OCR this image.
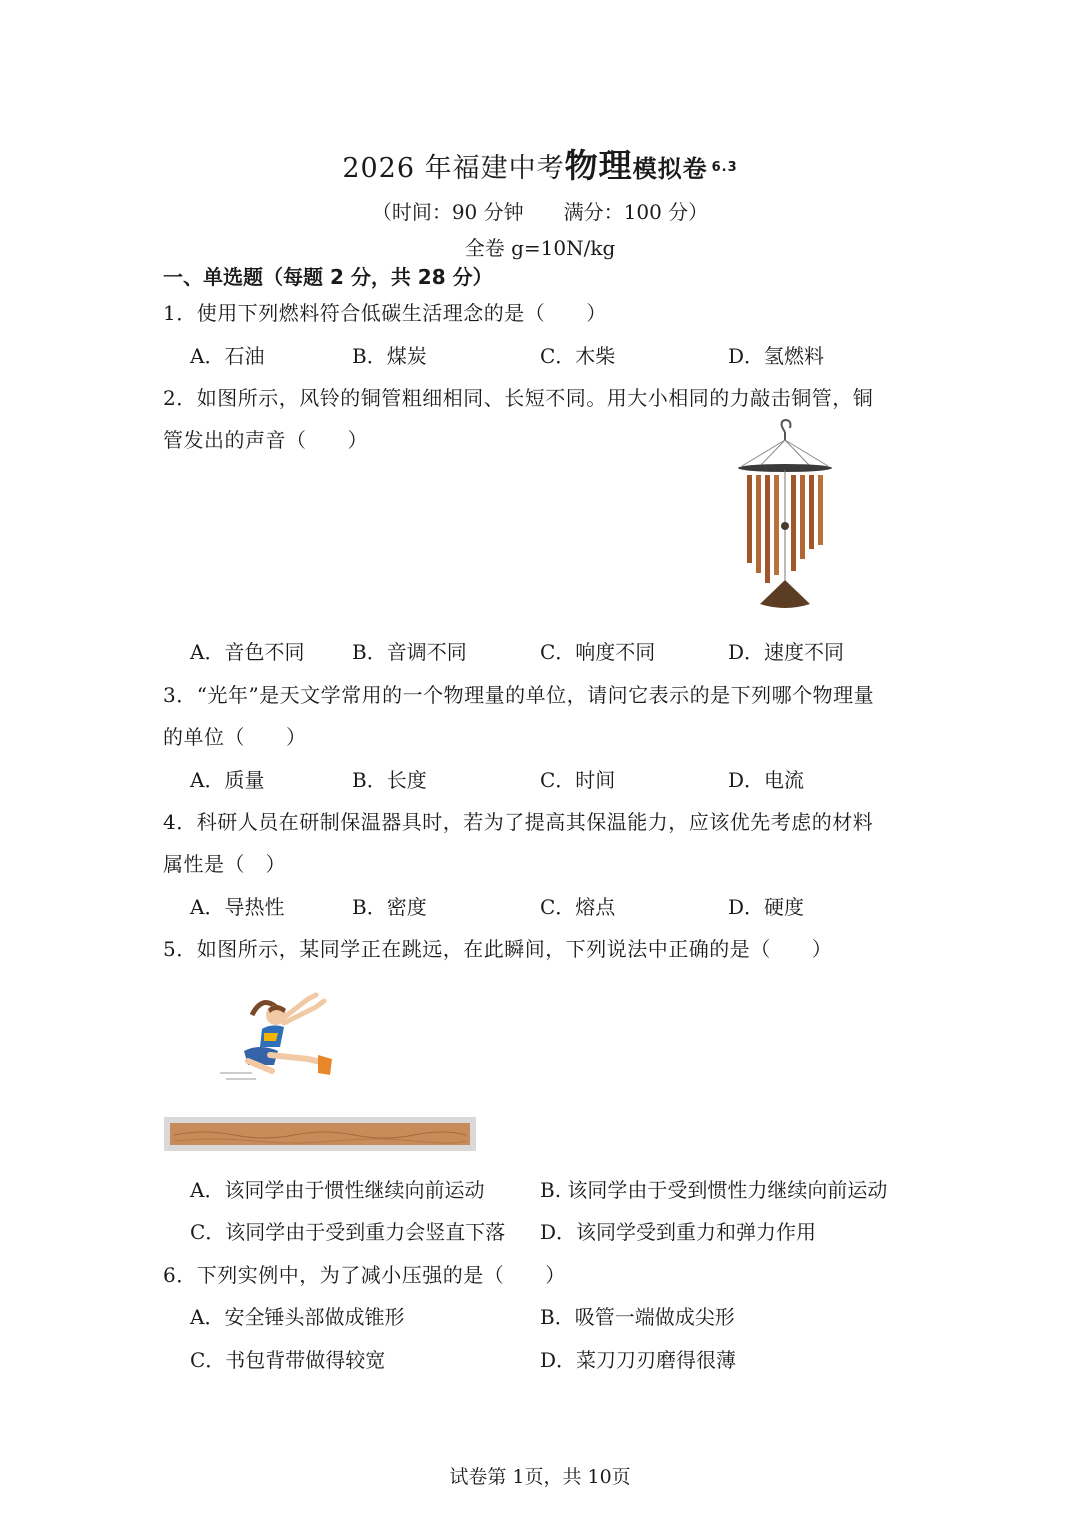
2026 年福建中考物理模拟卷 $^{6.3}$
（时间：90 分钟　　满分：100 分）
全卷 g=10N/kg
一、单选题（每题 2 分，共 28 分）
1．使用下列燃料符合低碳生活理念的是（　　）
A．石油	B．煤炭	C．木柴	D．氢燃料
2．如图所示，风铃的铜管粗细相同、长短不同。用大小相同的力敲击铜管，铜
管发出的声音（　　）
A．音色不同 B．音调不同	C．响度不同	D．速度不同
3．“光年”是天文学常用的一个物理量的单位，请问它表示的是下列哪个物理量
的单位（　　）
A．质量	B．长度	C．时间	D．电流
4．科研人员在研制保温器具时，若为了提高其保温能力，应该优先考虑的材料
属性是（　）
A．导热性	B．密度	C．熔点	D．硬度
5．如图所示，某同学正在跳远，在此瞬间，下列说法中正确的是（　　）
A．该同学由于惯性继续向前运动	B. 该同学由于受到惯性力继续向前运动
C．该同学由于受到重力会竖直下落 D．该同学受到重力和弹力作用
6．下列实例中，为了减小压强的是（　　）
A．安全锤头部做成锥形	B．吸管一端做成尖形
C．书包背带做得较宽	D．菜刀刀刃磨得很薄
试卷第 1页，共 10页
